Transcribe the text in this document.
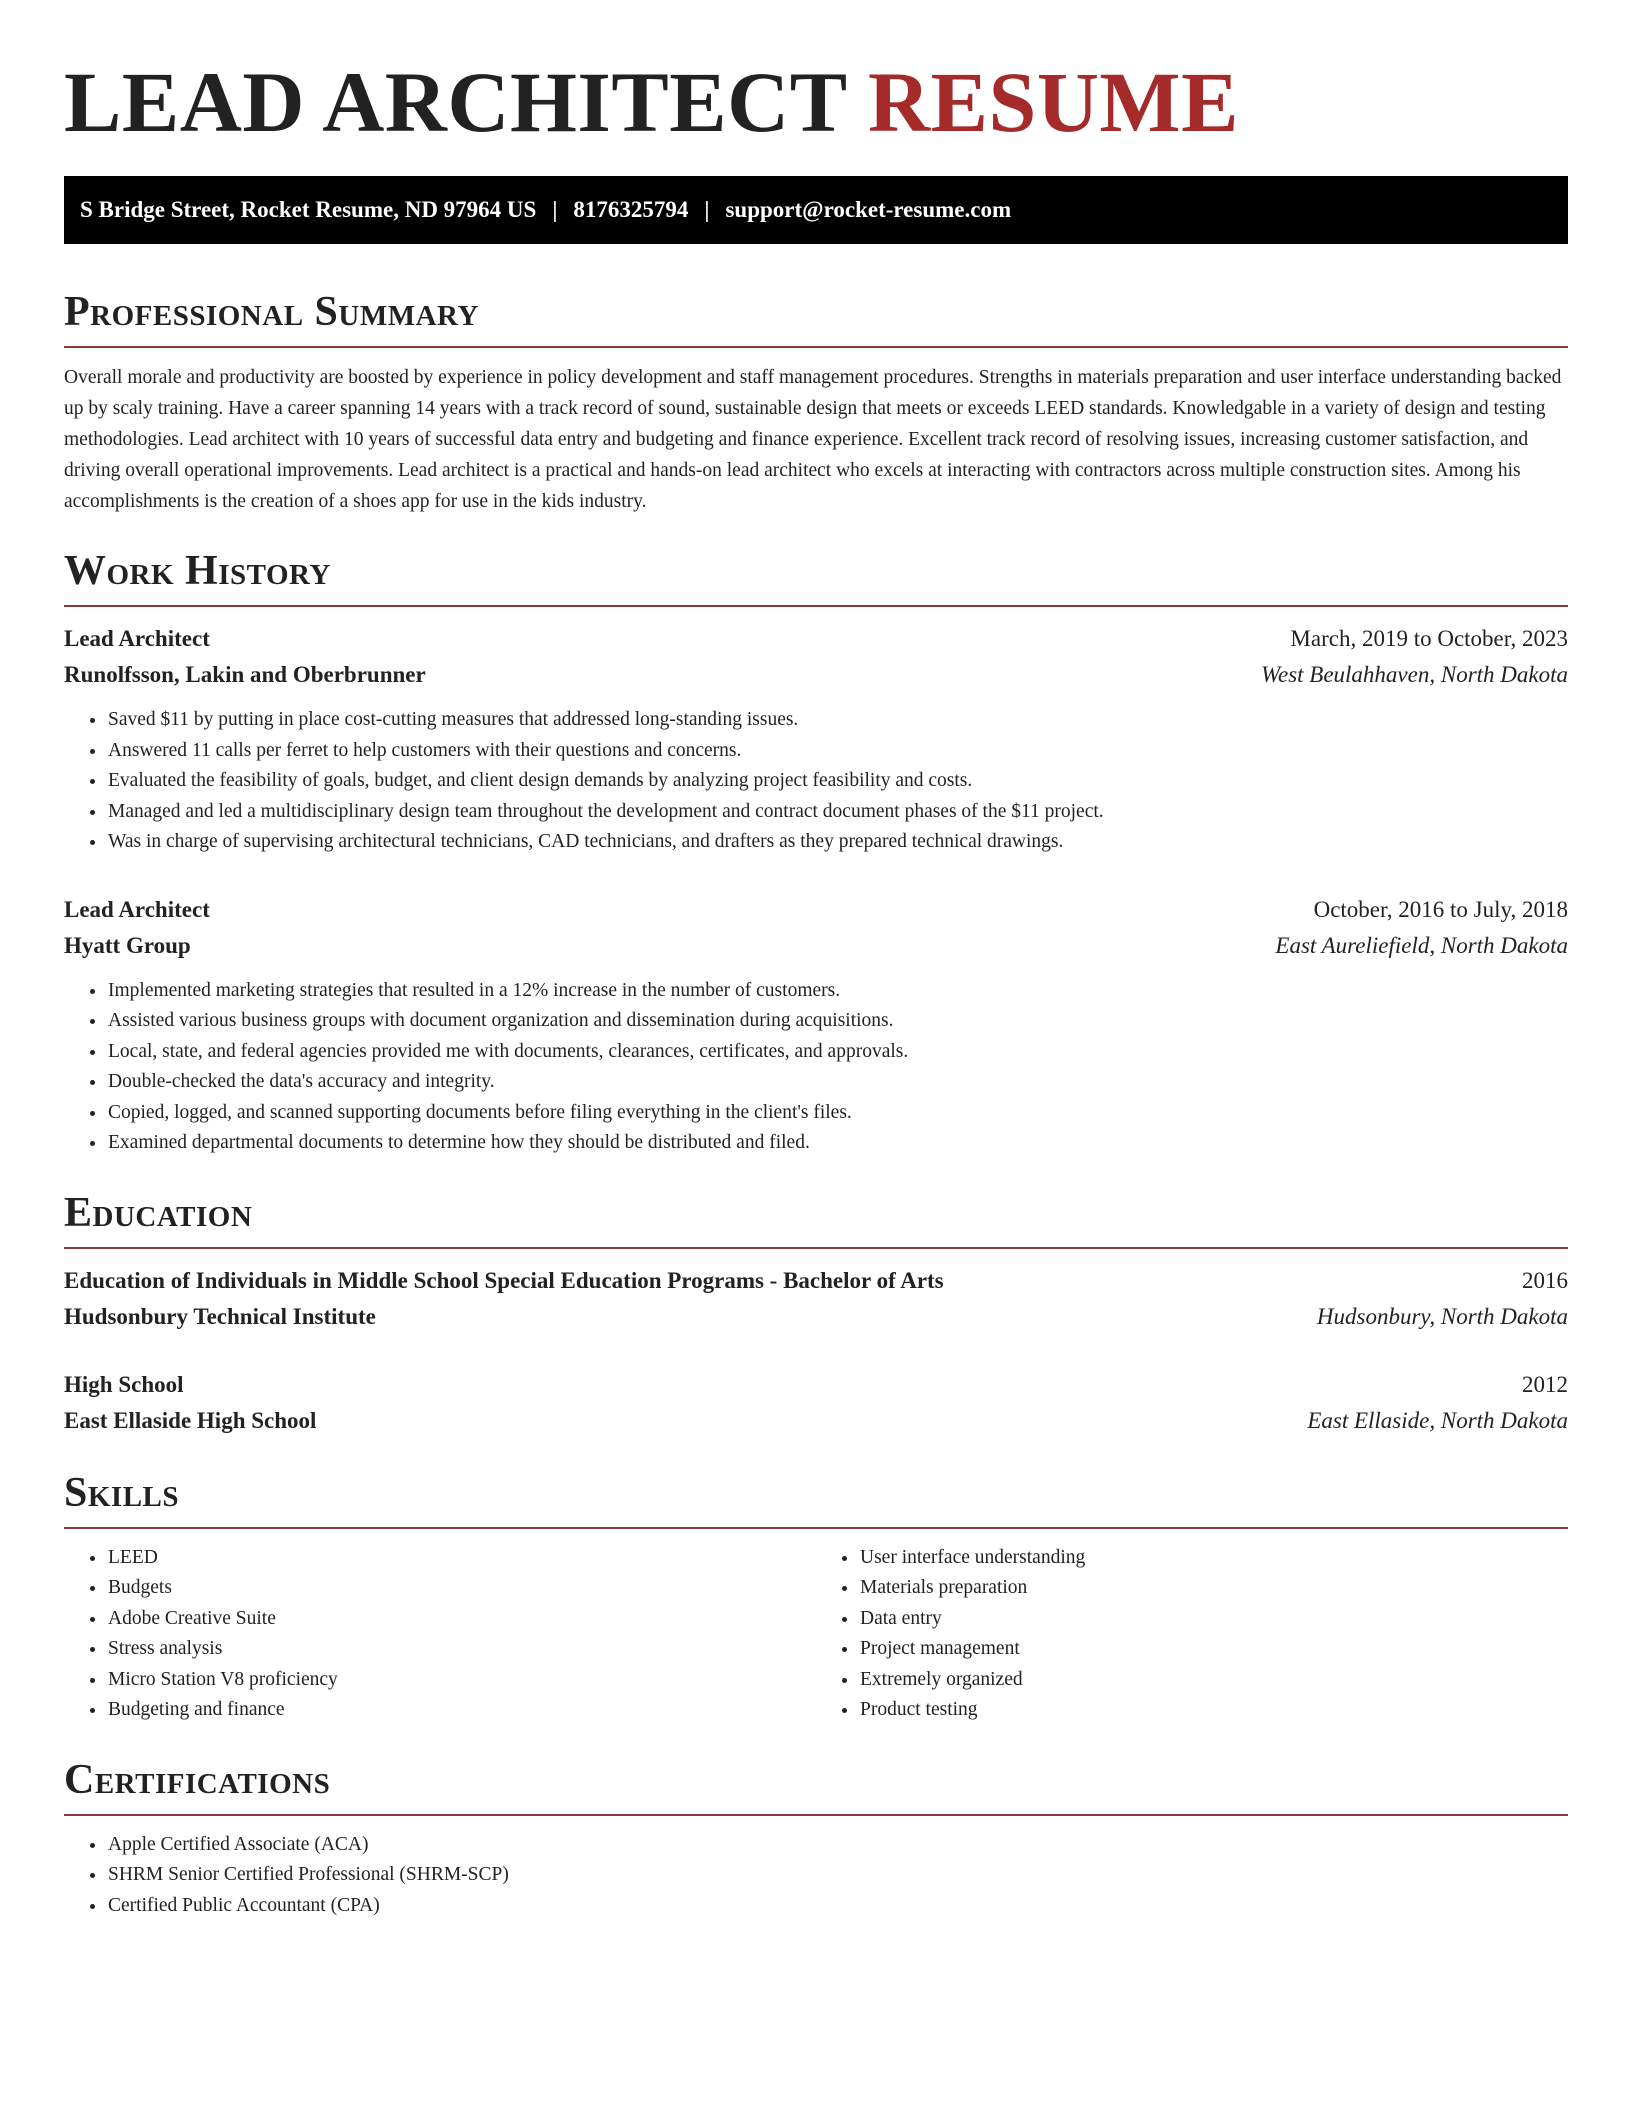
LEAD ARCHITECT RESUME
S Bridge Street, Rocket Resume, ND 97964 US | 8176325794 | support@rocket-resume.com
Professional Summary

Overall morale and productivity are boosted by experience in policy development and staff management procedures. Strengths in materials preparation and user interface understanding backed up by scaly training. Have a career spanning 14 years with a track record of sound, sustainable design that meets or exceeds LEED standards. Knowledgable in a variety of design and testing methodologies. Lead architect with 10 years of successful data entry and budgeting and finance experience. Excellent track record of resolving issues, increasing customer satisfaction, and driving overall operational improvements. Lead architect is a practical and hands-on lead architect who excels at interacting with contractors across multiple construction sites. Among his accomplishments is the creation of a shoes app for use in the kids industry.

Work History
Lead Architect	March, 2019 to October, 2023
Runolfsson, Lakin and Oberbrunner	West Beulahhaven, North Dakota
• Saved $11 by putting in place cost-cutting measures that addressed long-standing issues.
• Answered 11 calls per ferret to help customers with their questions and concerns.
• Evaluated the feasibility of goals, budget, and client design demands by analyzing project feasibility and costs.
• Managed and led a multidisciplinary design team throughout the development and contract document phases of the $11 project.
• Was in charge of supervising architectural technicians, CAD technicians, and drafters as they prepared technical drawings.
Lead Architect	October, 2016 to July, 2018
Hyatt Group	East Aureliefield, North Dakota
• Implemented marketing strategies that resulted in a 12% increase in the number of customers.
• Assisted various business groups with document organization and dissemination during acquisitions.
• Local, state, and federal agencies provided me with documents, clearances, certificates, and approvals.
• Double-checked the data's accuracy and integrity.
• Copied, logged, and scanned supporting documents before filing everything in the client's files.
• Examined departmental documents to determine how they should be distributed and filed.
Education
Education of Individuals in Middle School Special Education Programs - Bachelor of Arts	2016
Hudsonbury Technical Institute	Hudsonbury, North Dakota
High School	2012
East Ellaside High School	East Ellaside, North Dakota
Skills
• LEED
• Budgets
• Adobe Creative Suite
• Stress analysis
• Micro Station V8 proficiency
• Budgeting and finance
• User interface understanding
• Materials preparation
• Data entry
• Project management
• Extremely organized
• Product testing
Certifications
• Apple Certified Associate (ACA)
• SHRM Senior Certified Professional (SHRM-SCP)
• Certified Public Accountant (CPA)
